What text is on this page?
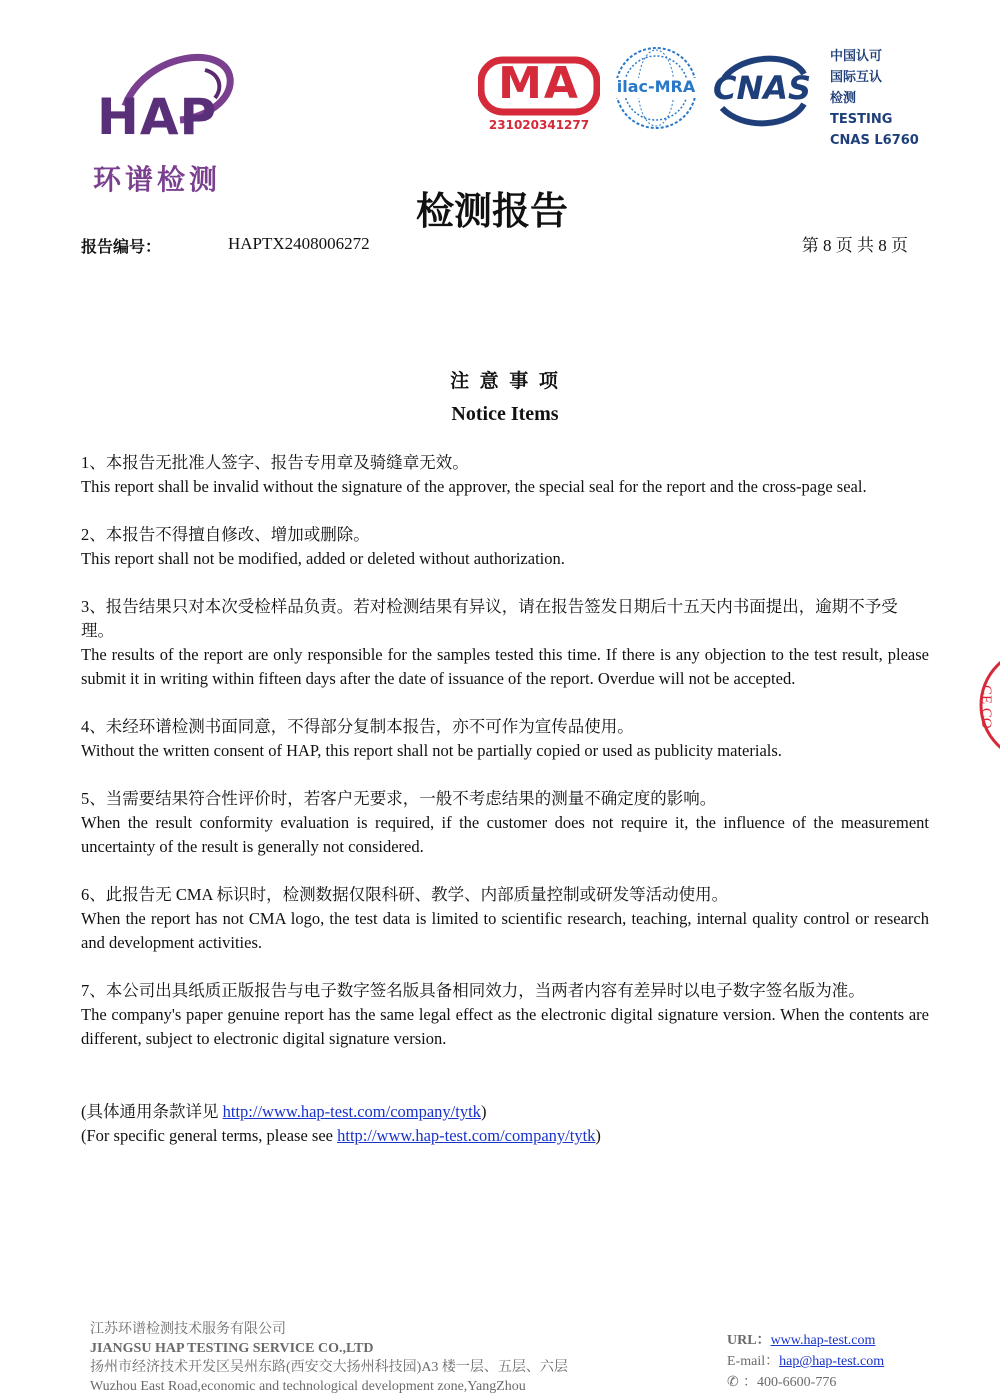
HAP
环谱检测
MA
231020341277
ilac-MRA CNAS
中国认可
国际互认
检测
TESTING
CNAS L6760
检测报告
报告编号：	HAPTX2408006272	第 8 页 共 8 页
注 意 事 项
Notice Items

1、本报告无批准人签字、报告专用章及骑缝章无效。

This report shall be invalid without the signature of the approver, the special seal for the report and the cross-page seal.

2、本报告不得擅自修改、增加或删除。

This report shall not be modified, added or deleted without authorization.

3、报告结果只对本次受检样品负责。若对检测结果有异议，请在报告签发日期后十五天内书面提出，逾期不予受理。

The results of the report are only responsible for the samples tested this time. If there is any objection to the test result, please submit it in writing within fifteen days after the date of issuance of the report. Overdue will not be accepted.

4、未经环谱检测书面同意，不得部分复制本报告，亦不可作为宣传品使用。

Without the written consent of HAP, this report shall not be partially copied or used as publicity materials.

5、当需要结果符合性评价时，若客户无要求，一般不考虑结果的测量不确定度的影响。

When the result conformity evaluation is required, if the customer does not require it, the influence of the measurement uncertainty of the result is generally not considered.

6、此报告无 CMA 标识时，检测数据仅限科研、教学、内部质量控制或研发等活动使用。

When the report has not CMA logo, the test data is limited to scientific research, teaching, internal quality control or research and development activities.

7、本公司出具纸质正版报告与电子数字签名版具备相同效力，当两者内容有差异时以电子数字签名版为准。

The company's paper genuine report has the same legal effect as the electronic digital signature version. When the contents are different, subject to electronic digital signature version.

(具体通用条款详见 http://www.hap-test.com/company/tytk)
(For specific general terms, please see http://www.hap-test.com/company/tytk)
CE CO
江苏环谱检测技术服务有限公司
JIANGSU HAP TESTING SERVICE CO.,LTD
扬州市经济技术开发区吴州东路(西安交大扬州科技园)A3 楼一层、五层、六层
Wuzhou East Road,economic and technological development zone,YangZhou
URL：www.hap-test.com
E-mail：hap@hap-test.com
✆ ：400-6600-776
